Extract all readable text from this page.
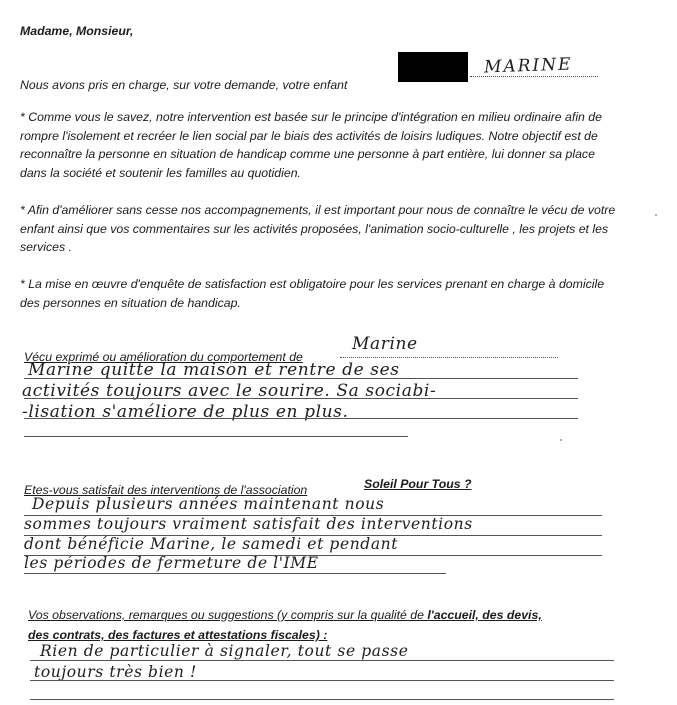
Madame, Monsieur,
Nous avons pris en charge, sur votre demande, votre enfant
MARINE
* Comme vous le savez, notre intervention est basée sur le principe d'intégration en milieu ordinaire afin de rompre l'isolement et recréer le lien social par le biais des activités de loisirs ludiques. Notre objectif est de reconnaître la personne en situation de handicap comme une personne à part entière, lui donner sa place dans la société et soutenir les familles au quotidien.
* Afin d'améliorer sans cesse nos accompagnements, il est important pour nous de connaître le vécu de votre enfant ainsi que vos commentaires sur les activités proposées, l'animation socio-culturelle , les projets et les services .
* La mise en œuvre d'enquête de satisfaction est obligatoire pour les services prenant en charge à domicile des personnes en situation de handicap.
Vécu exprimé ou amélioration du comportement de
Marine
Marine quitte la maison et rentre de ses
activités toujours avec le sourire. Sa sociabi-
-lisation s'améliore de plus en plus.
Etes-vous satisfait des interventions de l'association	Soleil Pour Tous ?
Depuis plusieurs années maintenant nous
sommes toujours vraiment satisfait des interventions
dont bénéficie Marine, le samedi et pendant
les périodes de fermeture de l'IME
Vos observations, remarques ou suggestions (y compris sur la qualité de l'accueil, des devis,
des contrats, des factures et attestations fiscales) :
Rien de particulier à signaler, tout se passe
toujours très bien !
